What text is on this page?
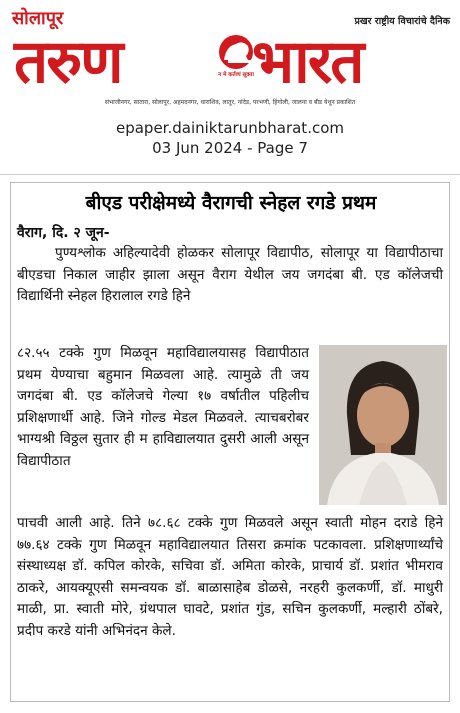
सोलापूर	प्रखर राष्ट्रीय विचारांचे दैनिक
तरुण	न मे कर्तव्यं सूक्ता
भारत
संभाजीनगर, सातारा, सोलापूर, अहमदनगर, धाराशिव, लातूर, नांदेड, परभणी, हिंगोली, जालना व बीड येथून प्रकाशित
epaper.dainiktarunbharat.com
03 Jun 2024 - Page 7
बीएड परीक्षेमध्ये वैरागची स्नेहल रगडे प्रथम
वैराग, दि. २ जून-
पुण्यश्लोक अहिल्यादेवी होळकर सोलापूर विद्यापीठ, सोलापूर या विद्यापीठाचा बीएडचा निकाल जाहीर झाला असून वैराग येथील जय जगदंबा बी. एड कॉलेजची विद्यार्थिनी स्नेहल हिरालाल रगडे हिने
८२.५५ टक्के गुण मिळवून महाविद्यालयासह विद्यापीठात प्रथम येण्याचा बहुमान मिळवला आहे. त्यामुळे ती जय जगदंबा बी. एड कॉलेजचे गेल्या १७ वर्षातील पहिलीच प्रशिक्षणार्थी आहे. जिने गोल्ड मेडल मिळवले. त्याचबरोबर भाग्यश्री विठ्ठल सुतार ही म हाविद्यालयात दुसरी आली असून विद्यापीठात
पाचवी आली आहे. तिने ७८.६८ टक्के गुण मिळवले असून स्वाती मोहन दराडे हिने ७७.६४ टक्के गुण मिळवून महाविद्यालयात तिसरा क्रमांक पटकावला. प्रशिक्षणार्थ्यांचे संस्थाध्यक्ष डॉ. कपिल कोरके, सचिवा डॉ. अमिता कोरके, प्राचार्य डॉ. प्रशांत भीमराव ठाकरे, आयक्यूएसी समन्वयक डॉ. बाळासाहेब डोळसे, नरहरी कुलकर्णी, डॉ. माधुरी माळी, प्रा. स्वाती मोरे, ग्रंथपाल घावटे, प्रशांत गुंड, सचिन कुलकर्णी, मल्हारी ठोंबरे, प्रदीप करडे यांनी अभिनंदन केले.
